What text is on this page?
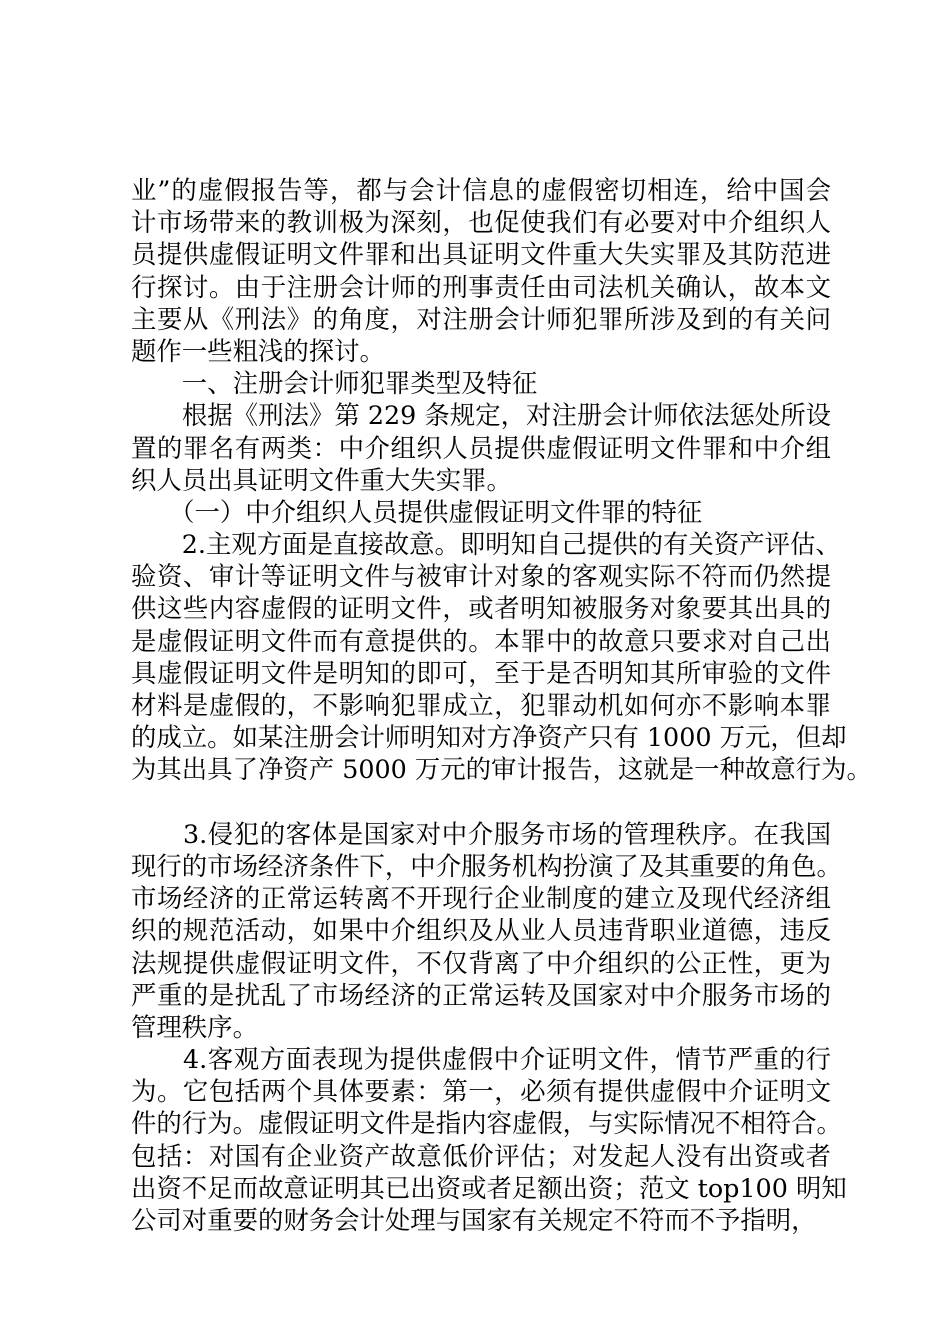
业”的虚假报告等，都与会计信息的虚假密切相连，给中国会
计市场带来的教训极为深刻，也促使我们有必要对中介组织人
员提供虚假证明文件罪和出具证明文件重大失实罪及其防范进
行探讨。由于注册会计师的刑事责任由司法机关确认，故本文
主要从《刑法》的角度，对注册会计师犯罪所涉及到的有关问
题作一些粗浅的探讨。
　　一、注册会计师犯罪类型及特征
　　根据《刑法》第 229 条规定，对注册会计师依法惩处所设
置的罪名有两类：中介组织人员提供虚假证明文件罪和中介组
织人员出具证明文件重大失实罪。
　　（一）中介组织人员提供虚假证明文件罪的特征
　　2.主观方面是直接故意。即明知自己提供的有关资产评估、
验资、审计等证明文件与被审计对象的客观实际不符而仍然提
供这些内容虚假的证明文件，或者明知被服务对象要其出具的
是虚假证明文件而有意提供的。本罪中的故意只要求对自己出
具虚假证明文件是明知的即可，至于是否明知其所审验的文件
材料是虚假的，不影响犯罪成立，犯罪动机如何亦不影响本罪
的成立。如某注册会计师明知对方净资产只有 1000 万元，但却
为其出具了净资产 5000 万元的审计报告，这就是一种故意行为。
　　3.侵犯的客体是国家对中介服务市场的管理秩序。在我国
现行的市场经济条件下，中介服务机构扮演了及其重要的角色。
市场经济的正常运转离不开现行企业制度的建立及现代经济组
织的规范活动，如果中介组织及从业人员违背职业道德，违反
法规提供虚假证明文件，不仅背离了中介组织的公正性，更为
严重的是扰乱了市场经济的正常运转及国家对中介服务市场的
管理秩序。
　　4.客观方面表现为提供虚假中介证明文件，情节严重的行
为。它包括两个具体要素：第一，必须有提供虚假中介证明文
件的行为。虚假证明文件是指内容虚假，与实际情况不相符合。
包括：对国有企业资产故意低价评估；对发起人没有出资或者
出资不足而故意证明其已出资或者足额出资；范文 top100 明知
公司对重要的财务会计处理与国家有关规定不符而不予指明，
